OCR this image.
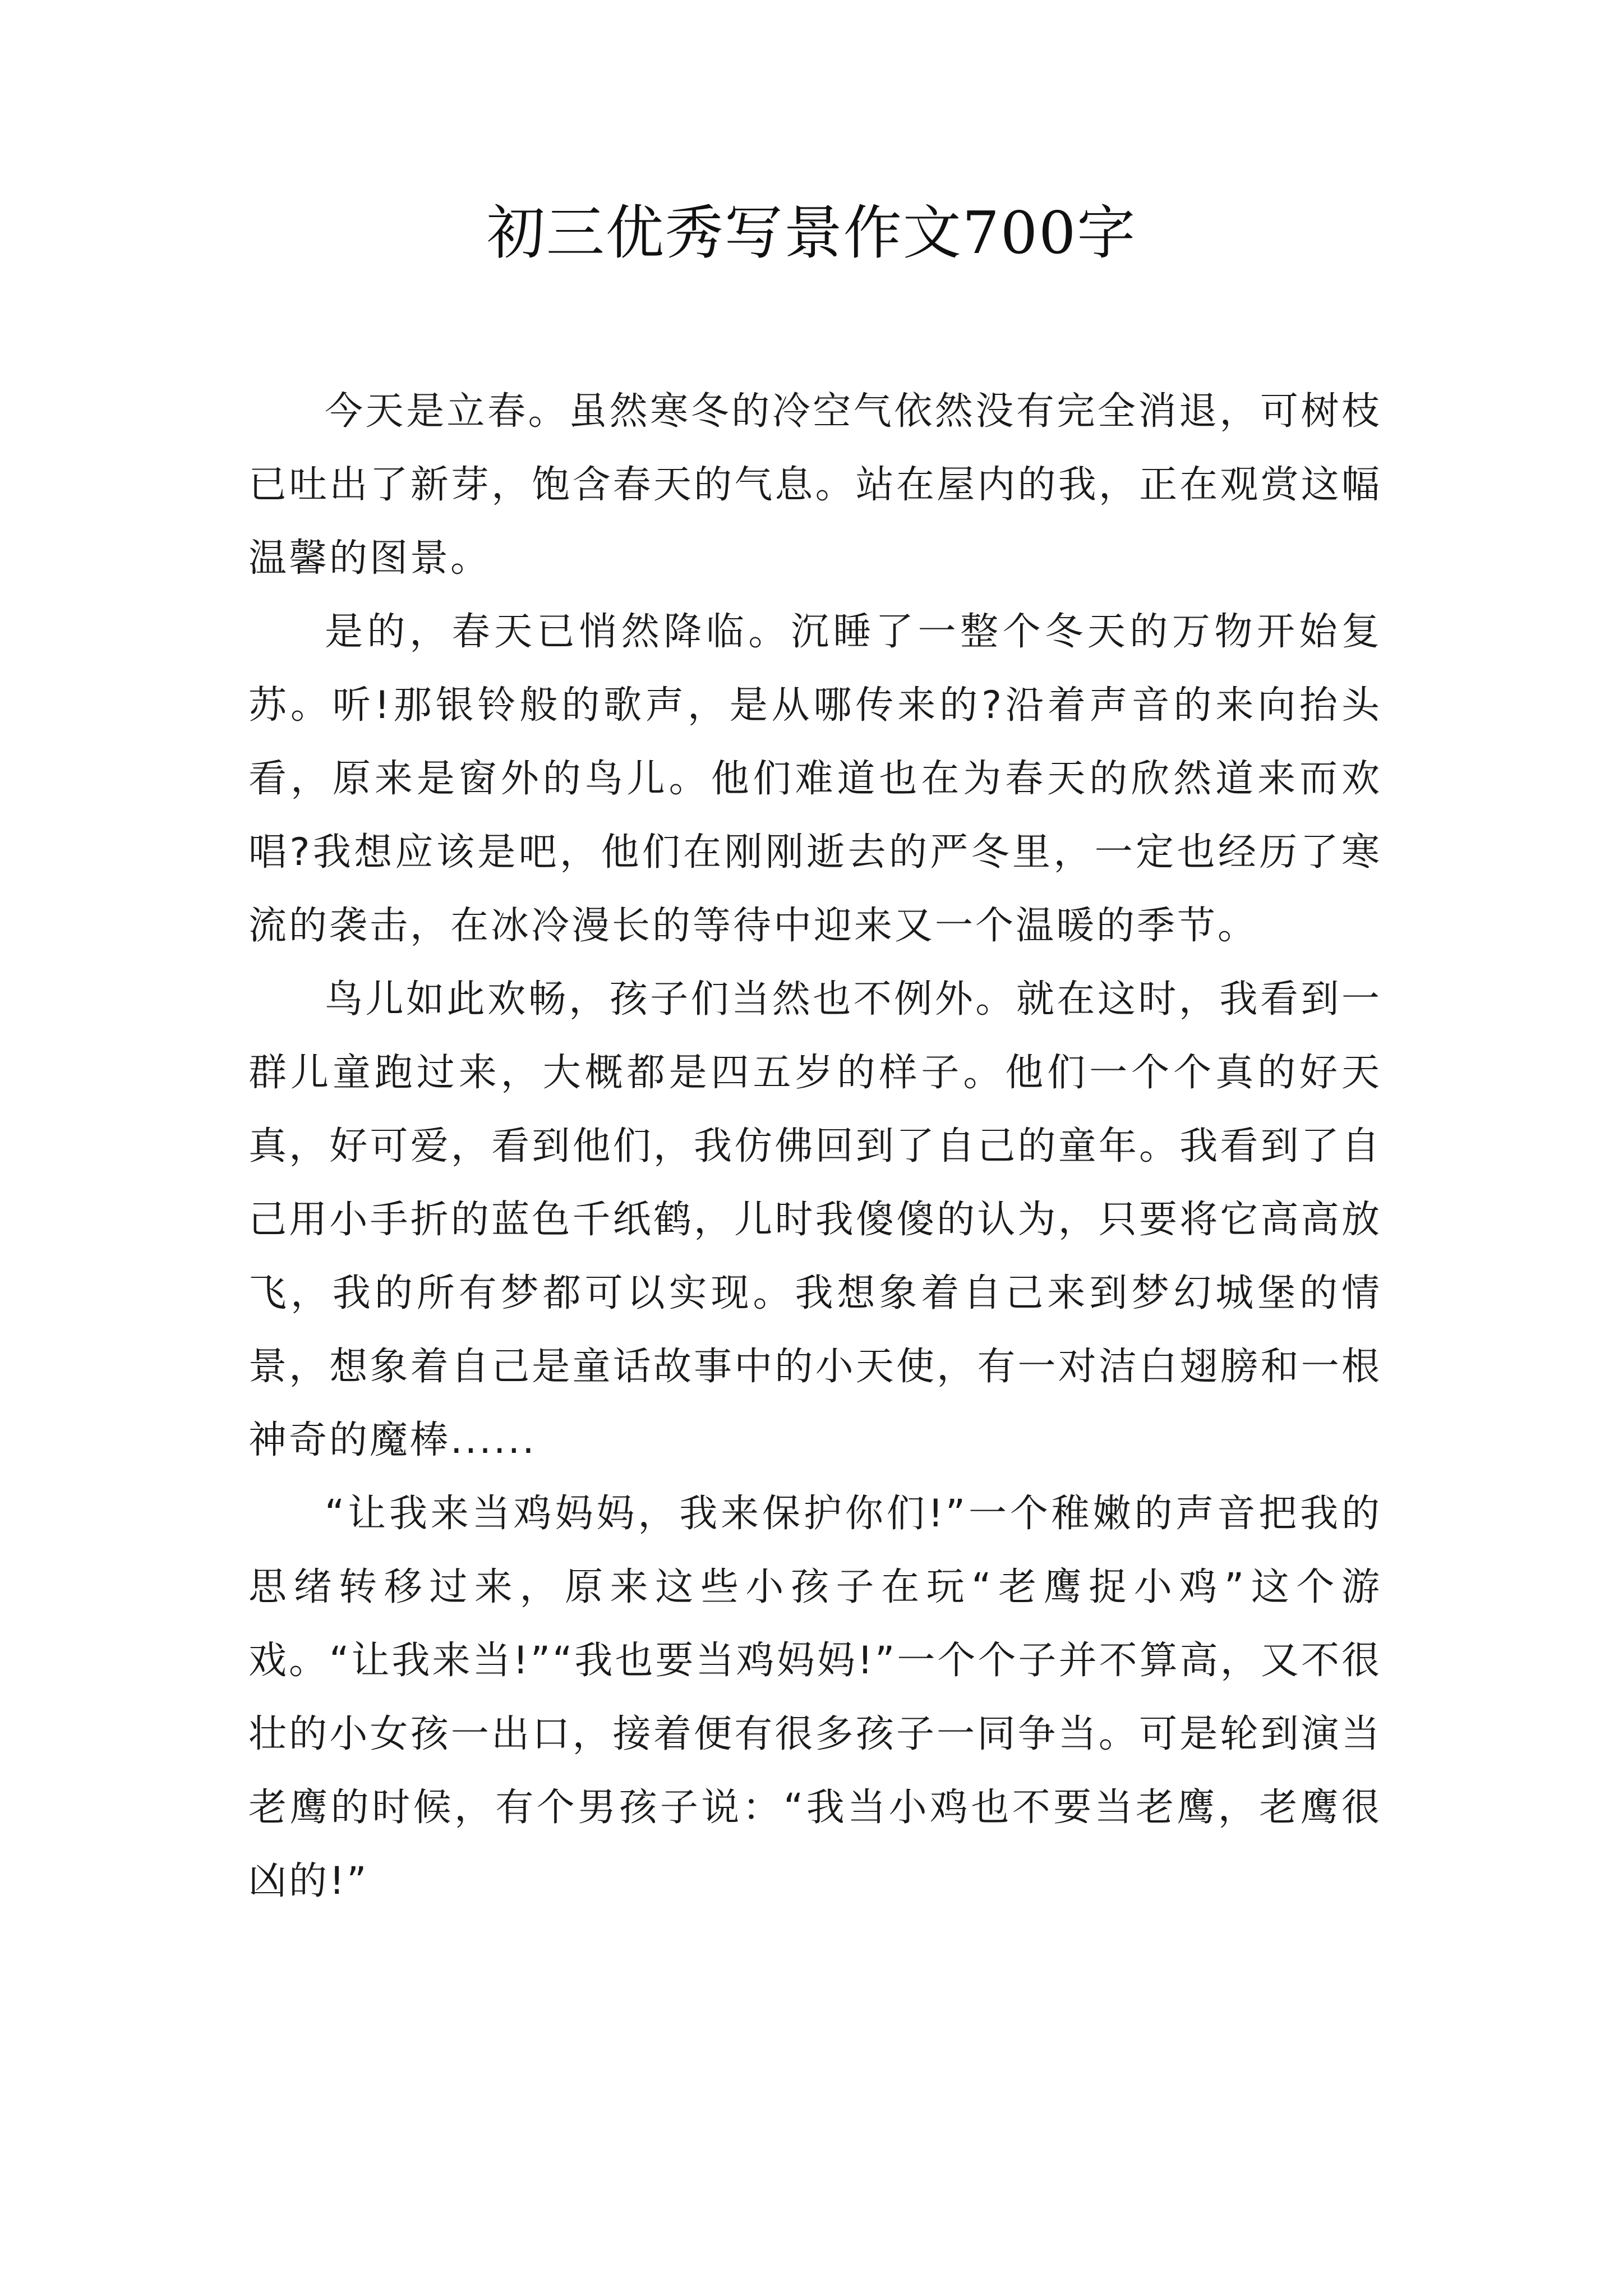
初三优秀写景作文700字

今天是立春。虽然寒冬的冷空气依然没有完全消退，可树枝已吐出了新芽，饱含春天的气息。站在屋内的我，正在观赏这幅温馨的图景。

是的，春天已悄然降临。沉睡了一整个冬天的万物开始复苏。听!那银铃般的歌声，是从哪传来的?沿着声音的来向抬头看，原来是窗外的鸟儿。他们难道也在为春天的欣然道来而欢唱?我想应该是吧，他们在刚刚逝去的严冬里，一定也经历了寒流的袭击，在冰冷漫长的等待中迎来又一个温暖的季节。

鸟儿如此欢畅，孩子们当然也不例外。就在这时，我看到一群儿童跑过来，大概都是四五岁的样子。他们一个个真的好天真，好可爱，看到他们，我仿佛回到了自己的童年。我看到了自己用小手折的蓝色千纸鹤，儿时我傻傻的认为，只要将它高高放飞，我的所有梦都可以实现。我想象着自己来到梦幻城堡的情景，想象着自己是童话故事中的小天使，有一对洁白翅膀和一根神奇的魔棒......

“让我来当鸡妈妈，我来保护你们!”一个稚嫩的声音把我的思绪转移过来，原来这些小孩子在玩“老鹰捉小鸡”这个游戏。“让我来当!”“我也要当鸡妈妈!”一个个子并不算高，又不很壮的小女孩一出口，接着便有很多孩子一同争当。可是轮到演当老鹰的时候，有个男孩子说：“我当小鸡也不要当老鹰，老鹰很凶的!”
